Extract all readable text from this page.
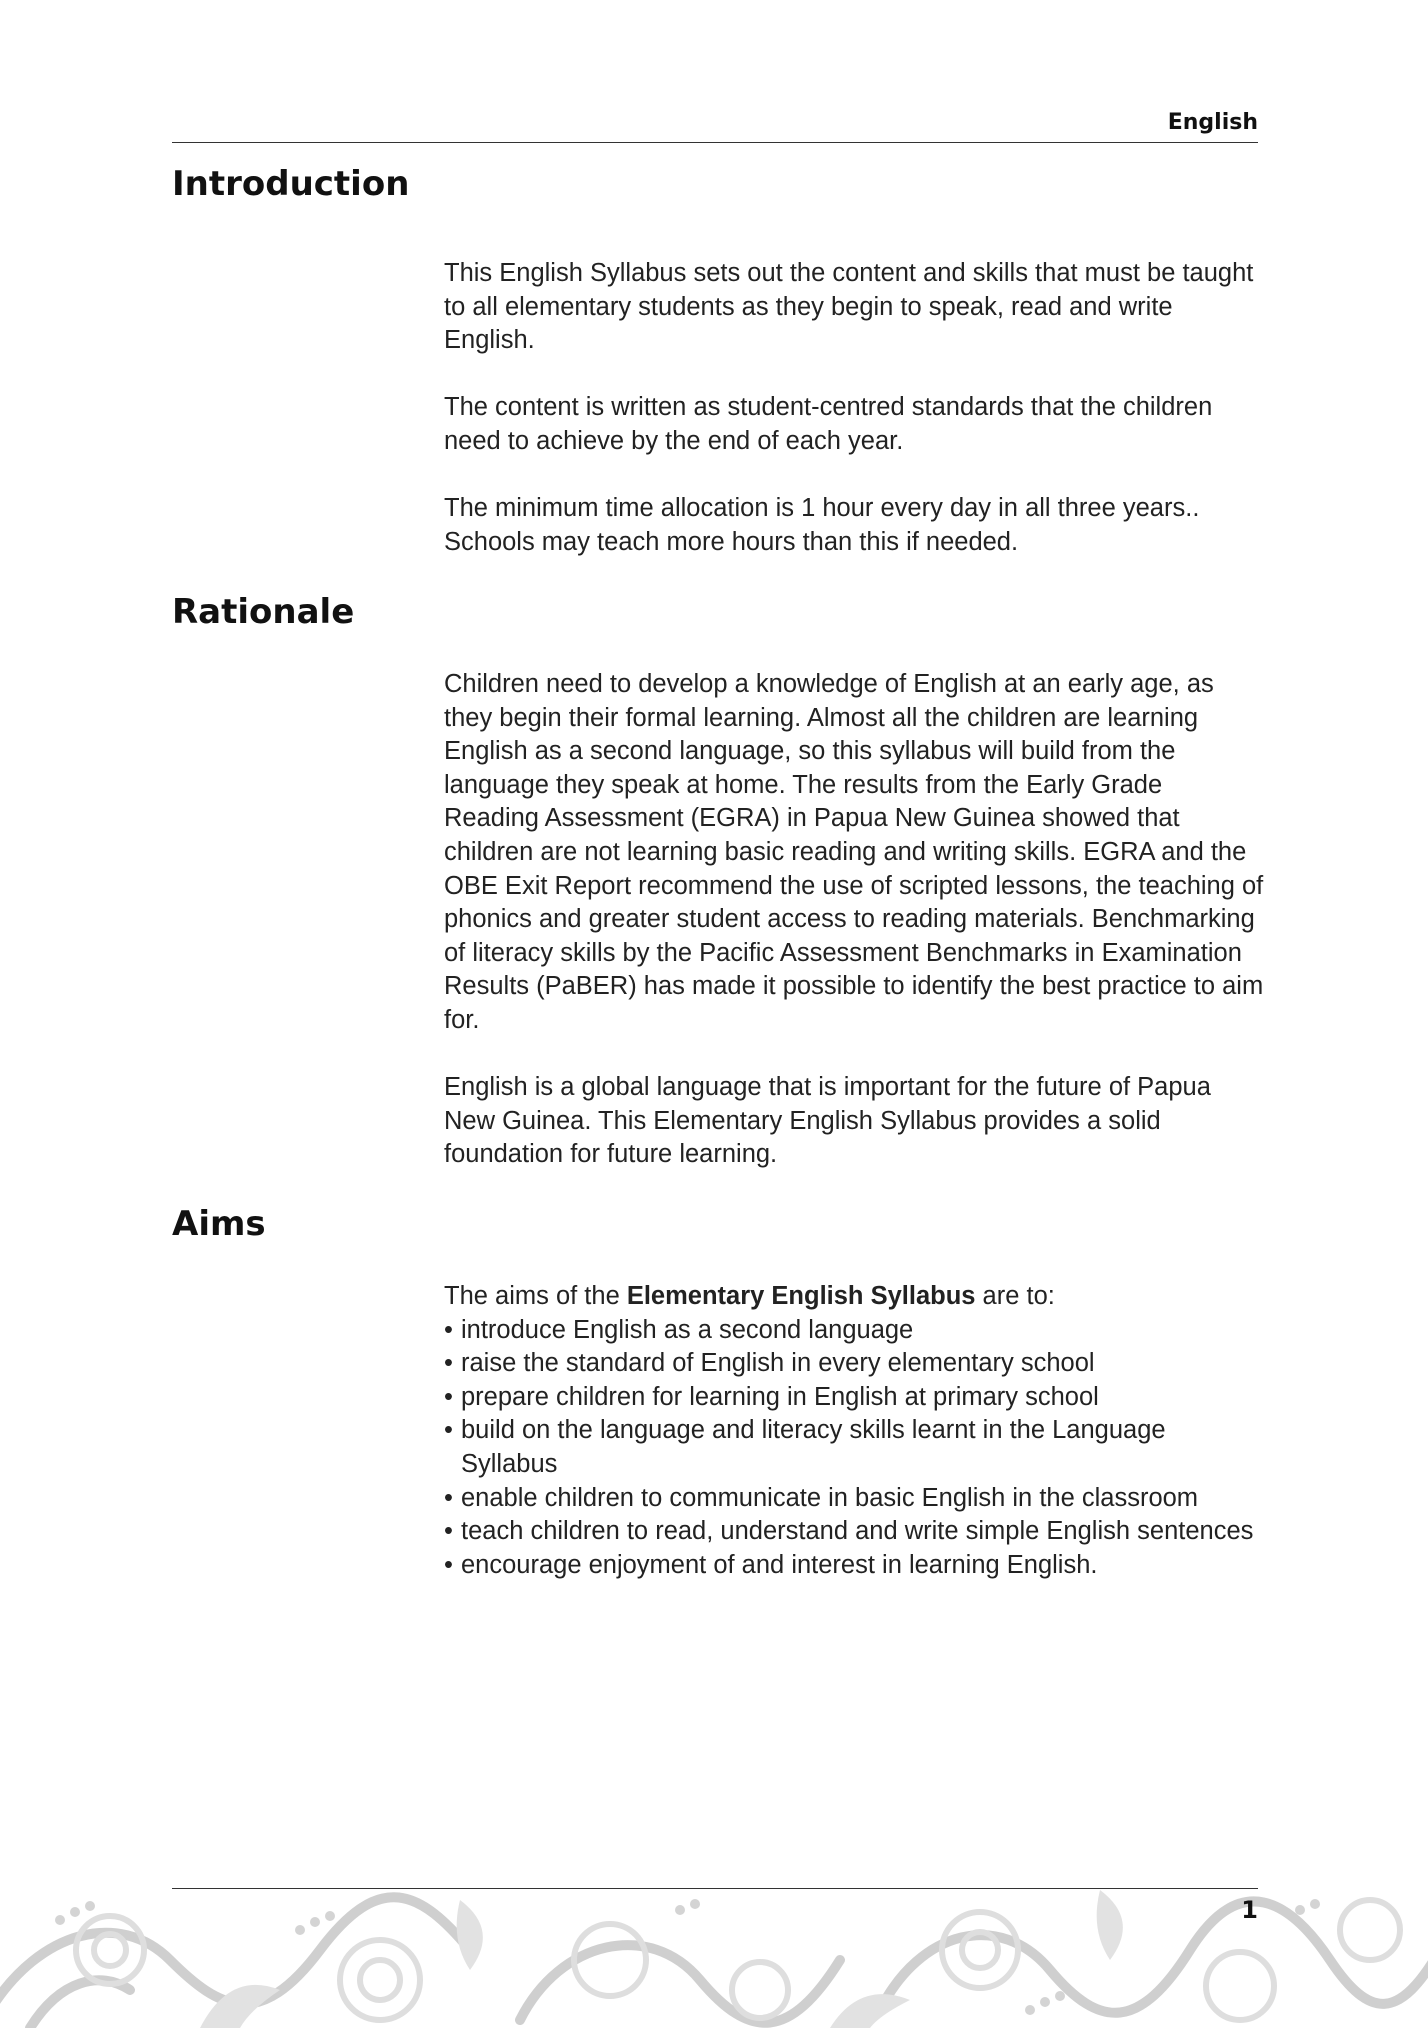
English
Introduction

This English Syllabus sets out the content and skills that must be taught to all elementary students as they begin to speak, read and write English.

The content is written as student-centred standards that the children need to achieve by the end of each year.

The minimum time allocation is 1 hour every day in all three years.. Schools may teach more hours than this if needed.

Rationale

Children need to develop a knowledge of English at an early age, as they begin their formal learning. Almost all the children are learning English as a second language, so this syllabus will build from the language they speak at home. The results from the Early Grade Reading Assessment (EGRA) in Papua New Guinea showed that children are not learning basic reading and writing skills. EGRA and the OBE Exit Report recommend the use of scripted lessons, the teaching of phonics and greater student access to reading materials. Benchmarking of literacy skills by the Pacific Assessment Benchmarks in Examination Results (PaBER) has made it possible to identify the best practice to aim for.

English is a global language that is important for the future of Papua New Guinea. This Elementary English Syllabus provides a solid foundation for future learning.

Aims

The aims of the Elementary English Syllabus are to:

• introduce English as a second language
• raise the standard of English in every elementary school
• prepare children for learning in English at primary school
• build on the language and literacy skills learnt in the Language Syllabus
• enable children to communicate in basic English in the classroom
• teach children to read, understand and write simple English sentences
• encourage enjoyment of and interest in learning English.
1
